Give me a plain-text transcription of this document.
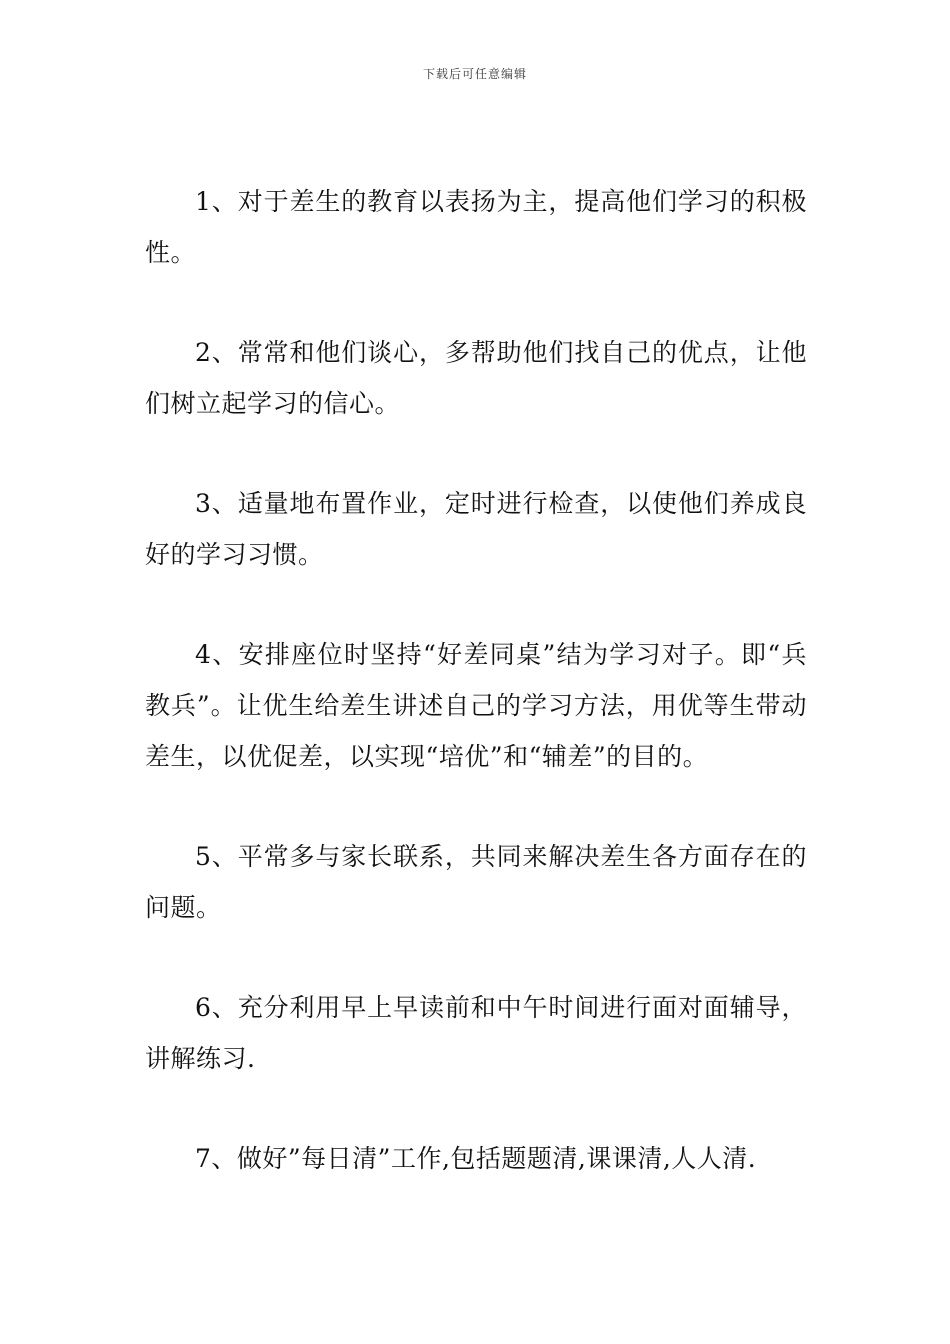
下载后可任意编辑

1、对于差生的教育以表扬为主，提高他们学习的积极性。

2、常常和他们谈心，多帮助他们找自己的优点，让他们树立起学习的信心。

3、适量地布置作业，定时进行检查，以使他们养成良好的学习习惯。

4、安排座位时坚持“好差同桌”结为学习对子。即“兵教兵”。让优生给差生讲述自己的学习方法，用优等生带动差生，以优促差，以实现“培优”和“辅差”的目的。

5、平常多与家长联系，共同来解决差生各方面存在的问题。

6、充分利用早上早读前和中午时间进行面对面辅导，讲解练习.

7、做好”每日清”工作,包括题题清,课课清,人人清.
